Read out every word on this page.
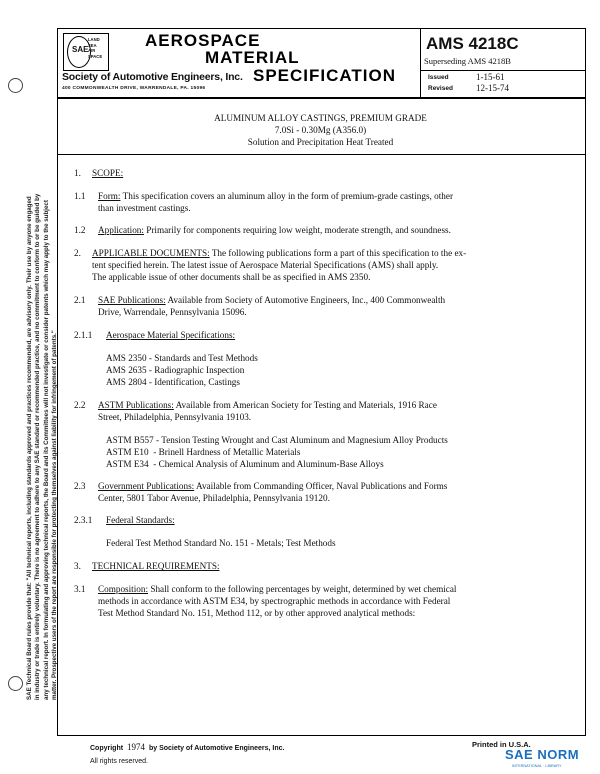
SAE Technical Board rules provide that: "All technical reports, including standards approved and practices recommended, are advisory only. Their use by anyone engaged in industry or trade is entirely voluntary. There is no agreement to adhere to any SAE standard or recommended practice, and no commitment to conform to or be guided by any technical report. In formulating and approving technical reports, the Board and its Committees will not investigate or consider patents which may apply to the subject matter. Prospective users of the report are responsible for protecting themselves against liability for infringement of patents."

SAE
LAND
SEA
AIR
SPACE
AEROSPACE
MATERIAL
SPECIFICATION
Society of Automotive Engineers, Inc.
400 COMMONWEALTH DRIVE, WARRENDALE, PA. 15096
AMS 4218C
Superseding AMS 4218B
Issued	1-15-61
Revised	12-15-74
ALUMINUM ALLOY CASTINGS, PREMIUM GRADE
7.0Si - 0.30Mg (A356.0)
Solution and Precipitation Heat Treated
1. SCOPE:
1.1 Form: This specification covers an aluminum alloy in the form of premium-grade castings, other
than investment castings.
1.2 Application: Primarily for components requiring low weight, moderate strength, and soundness.
2. APPLICABLE DOCUMENTS: The following publications form a part of this specification to the ex-
tent specified herein. The latest issue of Aerospace Material Specifications (AMS) shall apply.
The applicable issue of other documents shall be as specified in AMS 2350.
2.1 SAE Publications: Available from Society of Automotive Engineers, Inc., 400 Commonwealth
Drive, Warrendale, Pennsylvania 15096.
2.1.1 Aerospace Material Specifications:
AMS 2350 - Standards and Test Methods
AMS 2635 - Radiographic Inspection
AMS 2804 - Identification, Castings
2.2 ASTM Publications: Available from American Society for Testing and Materials, 1916 Race
Street, Philadelphia, Pennsylvania 19103.
ASTM B557 - Tension Testing Wrought and Cast Aluminum and Magnesium Alloy Products
ASTM E10  - Brinell Hardness of Metallic Materials
ASTM E34  - Chemical Analysis of Aluminum and Aluminum-Base Alloys
2.3 Government Publications: Available from Commanding Officer, Naval Publications and Forms
Center, 5801 Tabor Avenue, Philadelphia, Pennsylvania 19120.
2.3.1 Federal Standards:
Federal Test Method Standard No. 151 - Metals; Test Methods
3. TECHNICAL REQUIREMENTS:
3.1 Composition: Shall conform to the following percentages by weight, determined by wet chemical
methods in accordance with ASTM E34, by spectrographic methods in accordance with Federal
Test Method Standard No. 151, Method 112, or by other approved analytical methods:
Copyright 1974 by Society of Automotive Engineers, Inc.
All rights reserved.
Printed in U.S.A.
SAE NORM
INTERNATIONAL · LIBRARY
